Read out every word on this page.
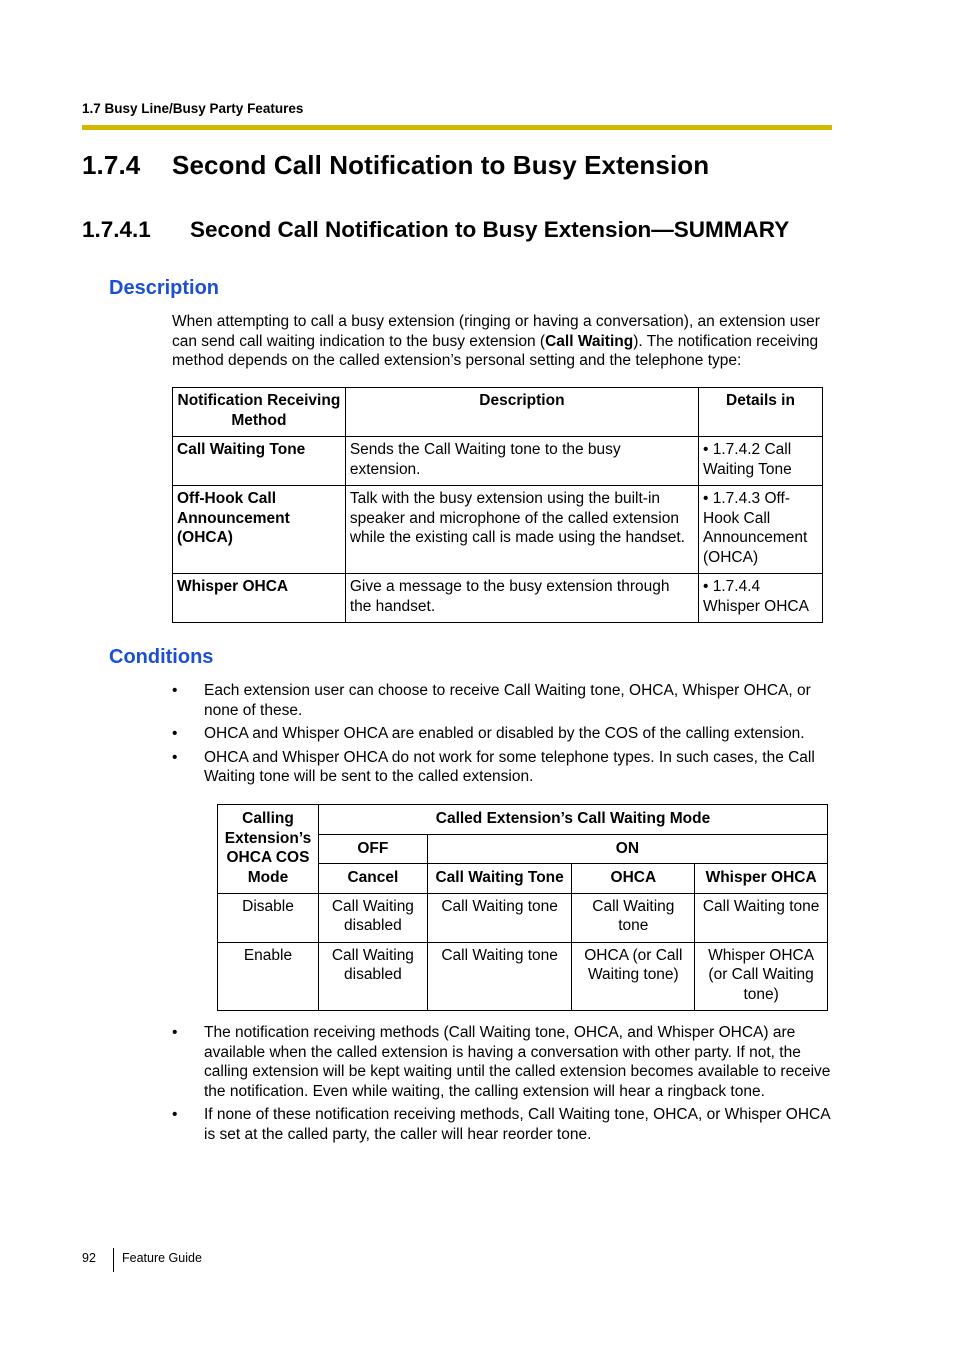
1.7 Busy Line/Busy Party Features
1.7.4 Second Call Notification to Busy Extension
1.7.4.1 Second Call Notification to Busy Extension—SUMMARY
Description
When attempting to call a busy extension (ringing or having a conversation), an extension user can send call waiting indication to the busy extension (Call Waiting). The notification receiving method depends on the called extension’s personal setting and the telephone type:
Notification Receiving Method	Description	Details in
Call Waiting Tone	Sends the Call Waiting tone to the busy extension.	• 1.7.4.2 Call Waiting Tone
Off-Hook Call Announcement (OHCA)	Talk with the busy extension using the built-in speaker and microphone of the called extension while the existing call is made using the handset.	• 1.7.4.3 Off-Hook Call Announcement (OHCA)
Whisper OHCA	Give a message to the busy extension through the handset.	• 1.7.4.4 Whisper OHCA
Conditions
• Each extension user can choose to receive Call Waiting tone, OHCA, Whisper OHCA, or none of these.
• OHCA and Whisper OHCA are enabled or disabled by the COS of the calling extension.
• OHCA and Whisper OHCA do not work for some telephone types. In such cases, the Call Waiting tone will be sent to the called extension.
Calling Extension’s OHCA COS Mode	Called Extension’s Call Waiting Mode			
	OFF	ON		
	Cancel	Call Waiting Tone	OHCA	Whisper OHCA
Disable	Call Waiting disabled	Call Waiting tone	Call Waiting tone	Call Waiting tone
Enable	Call Waiting disabled	Call Waiting tone	OHCA (or Call Waiting tone)	Whisper OHCA (or Call Waiting tone)
• The notification receiving methods (Call Waiting tone, OHCA, and Whisper OHCA) are available when the called extension is having a conversation with other party. If not, the calling extension will be kept waiting until the called extension becomes available to receive the notification. Even while waiting, the calling extension will hear a ringback tone.
• If none of these notification receiving methods, Call Waiting tone, OHCA, or Whisper OHCA is set at the called party, the caller will hear reorder tone.
92 Feature Guide
